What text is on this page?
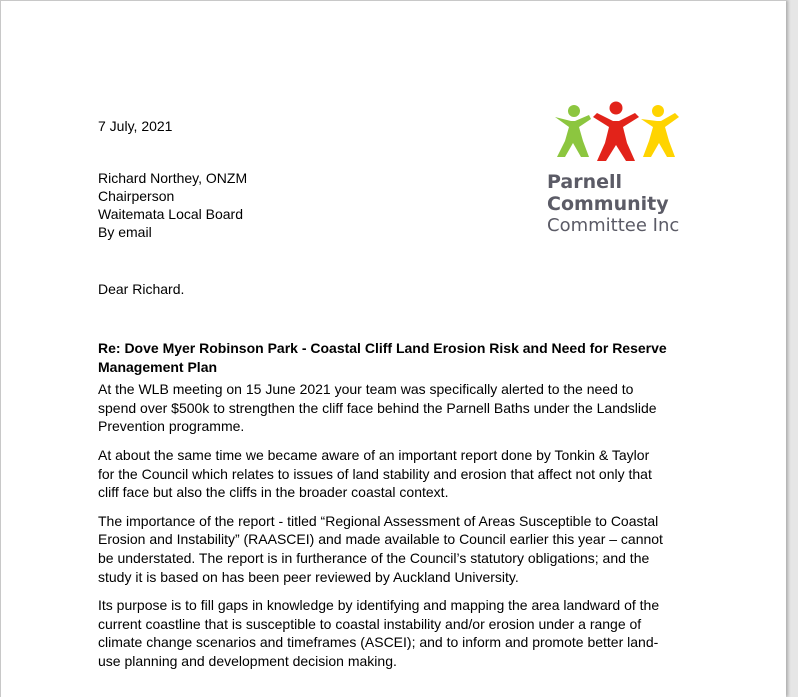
7 July, 2021
Richard Northey, ONZM
Chairperson
Waitemata Local Board
By email
Parnell
Community
Committee Inc
Dear Richard.

Re: Dove Myer Robinson Park - Coastal Cliff Land Erosion Risk and Need for Reserve
Management Plan

At the WLB meeting on 15 June 2021 your team was specifically alerted to the need to
spend over $500k to strengthen the cliff face behind the Parnell Baths under the Landslide
Prevention programme.

At about the same time we became aware of an important report done by Tonkin & Taylor
for the Council which relates to issues of land stability and erosion that affect not only that
cliff face but also the cliffs in the broader coastal context.

The importance of the report - titled “Regional Assessment of Areas Susceptible to Coastal
Erosion and Instability” (RAASCEI) and made available to Council earlier this year – cannot
be understated. The report is in furtherance of the Council’s statutory obligations; and the
study it is based on has been peer reviewed by Auckland University.

Its purpose is to fill gaps in knowledge by identifying and mapping the area landward of the
current coastline that is susceptible to coastal instability and/or erosion under a range of
climate change scenarios and timeframes (ASCEI); and to inform and promote better land-
use planning and development decision making.
